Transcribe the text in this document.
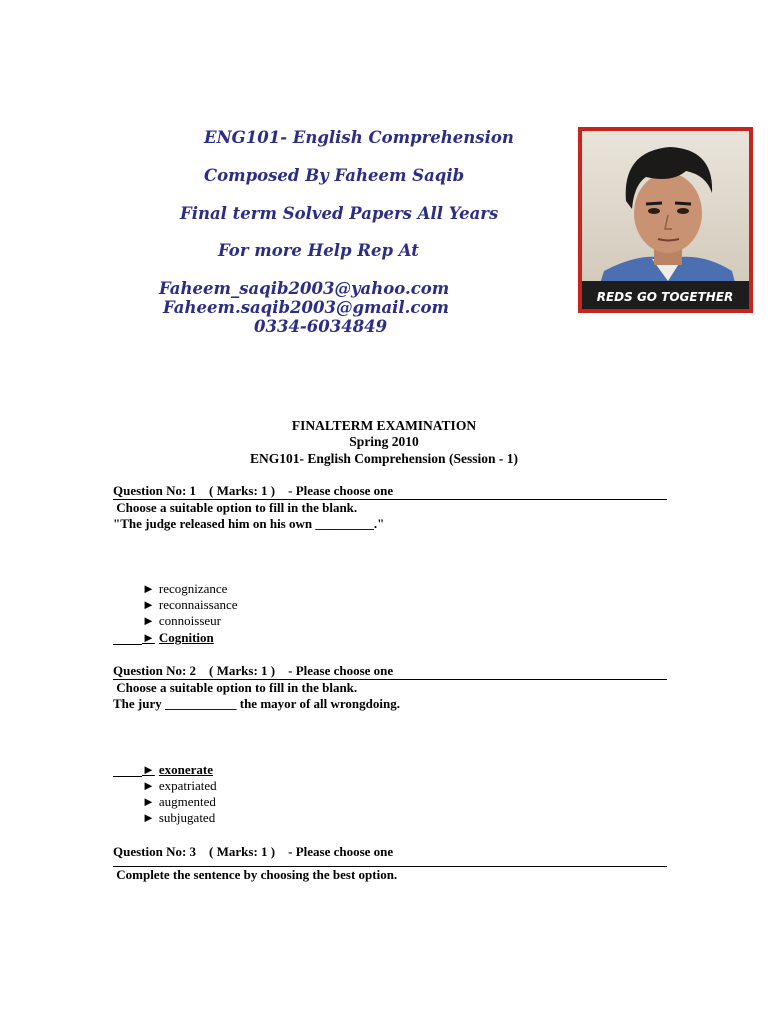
ENG101- English Comprehension

Composed By Faheem Saqib

Final term Solved Papers All Years

For more Help Rep At

Faheem_saqib2003@yahoo.com

Faheem.saqib2003@gmail.com

0334-6034849

REDS GO TOGETHER

FINALTERM EXAMINATION

Spring 2010

ENG101- English Comprehension (Session - 1)

Question No: 1    ( Marks: 1 )    - Please choose one

Choose a suitable option to fill in the blank.

"The judge released him on his own _________."

► recognizance
► reconnaissance
► connoisseur
► Cognition
Question No: 2    ( Marks: 1 )    - Please choose one

Choose a suitable option to fill in the blank.

The jury ___________ the mayor of all wrongdoing.

► exonerate
► expatriated
► augmented
► subjugated
Question No: 3    ( Marks: 1 )    - Please choose one

Complete the sentence by choosing the best option.
